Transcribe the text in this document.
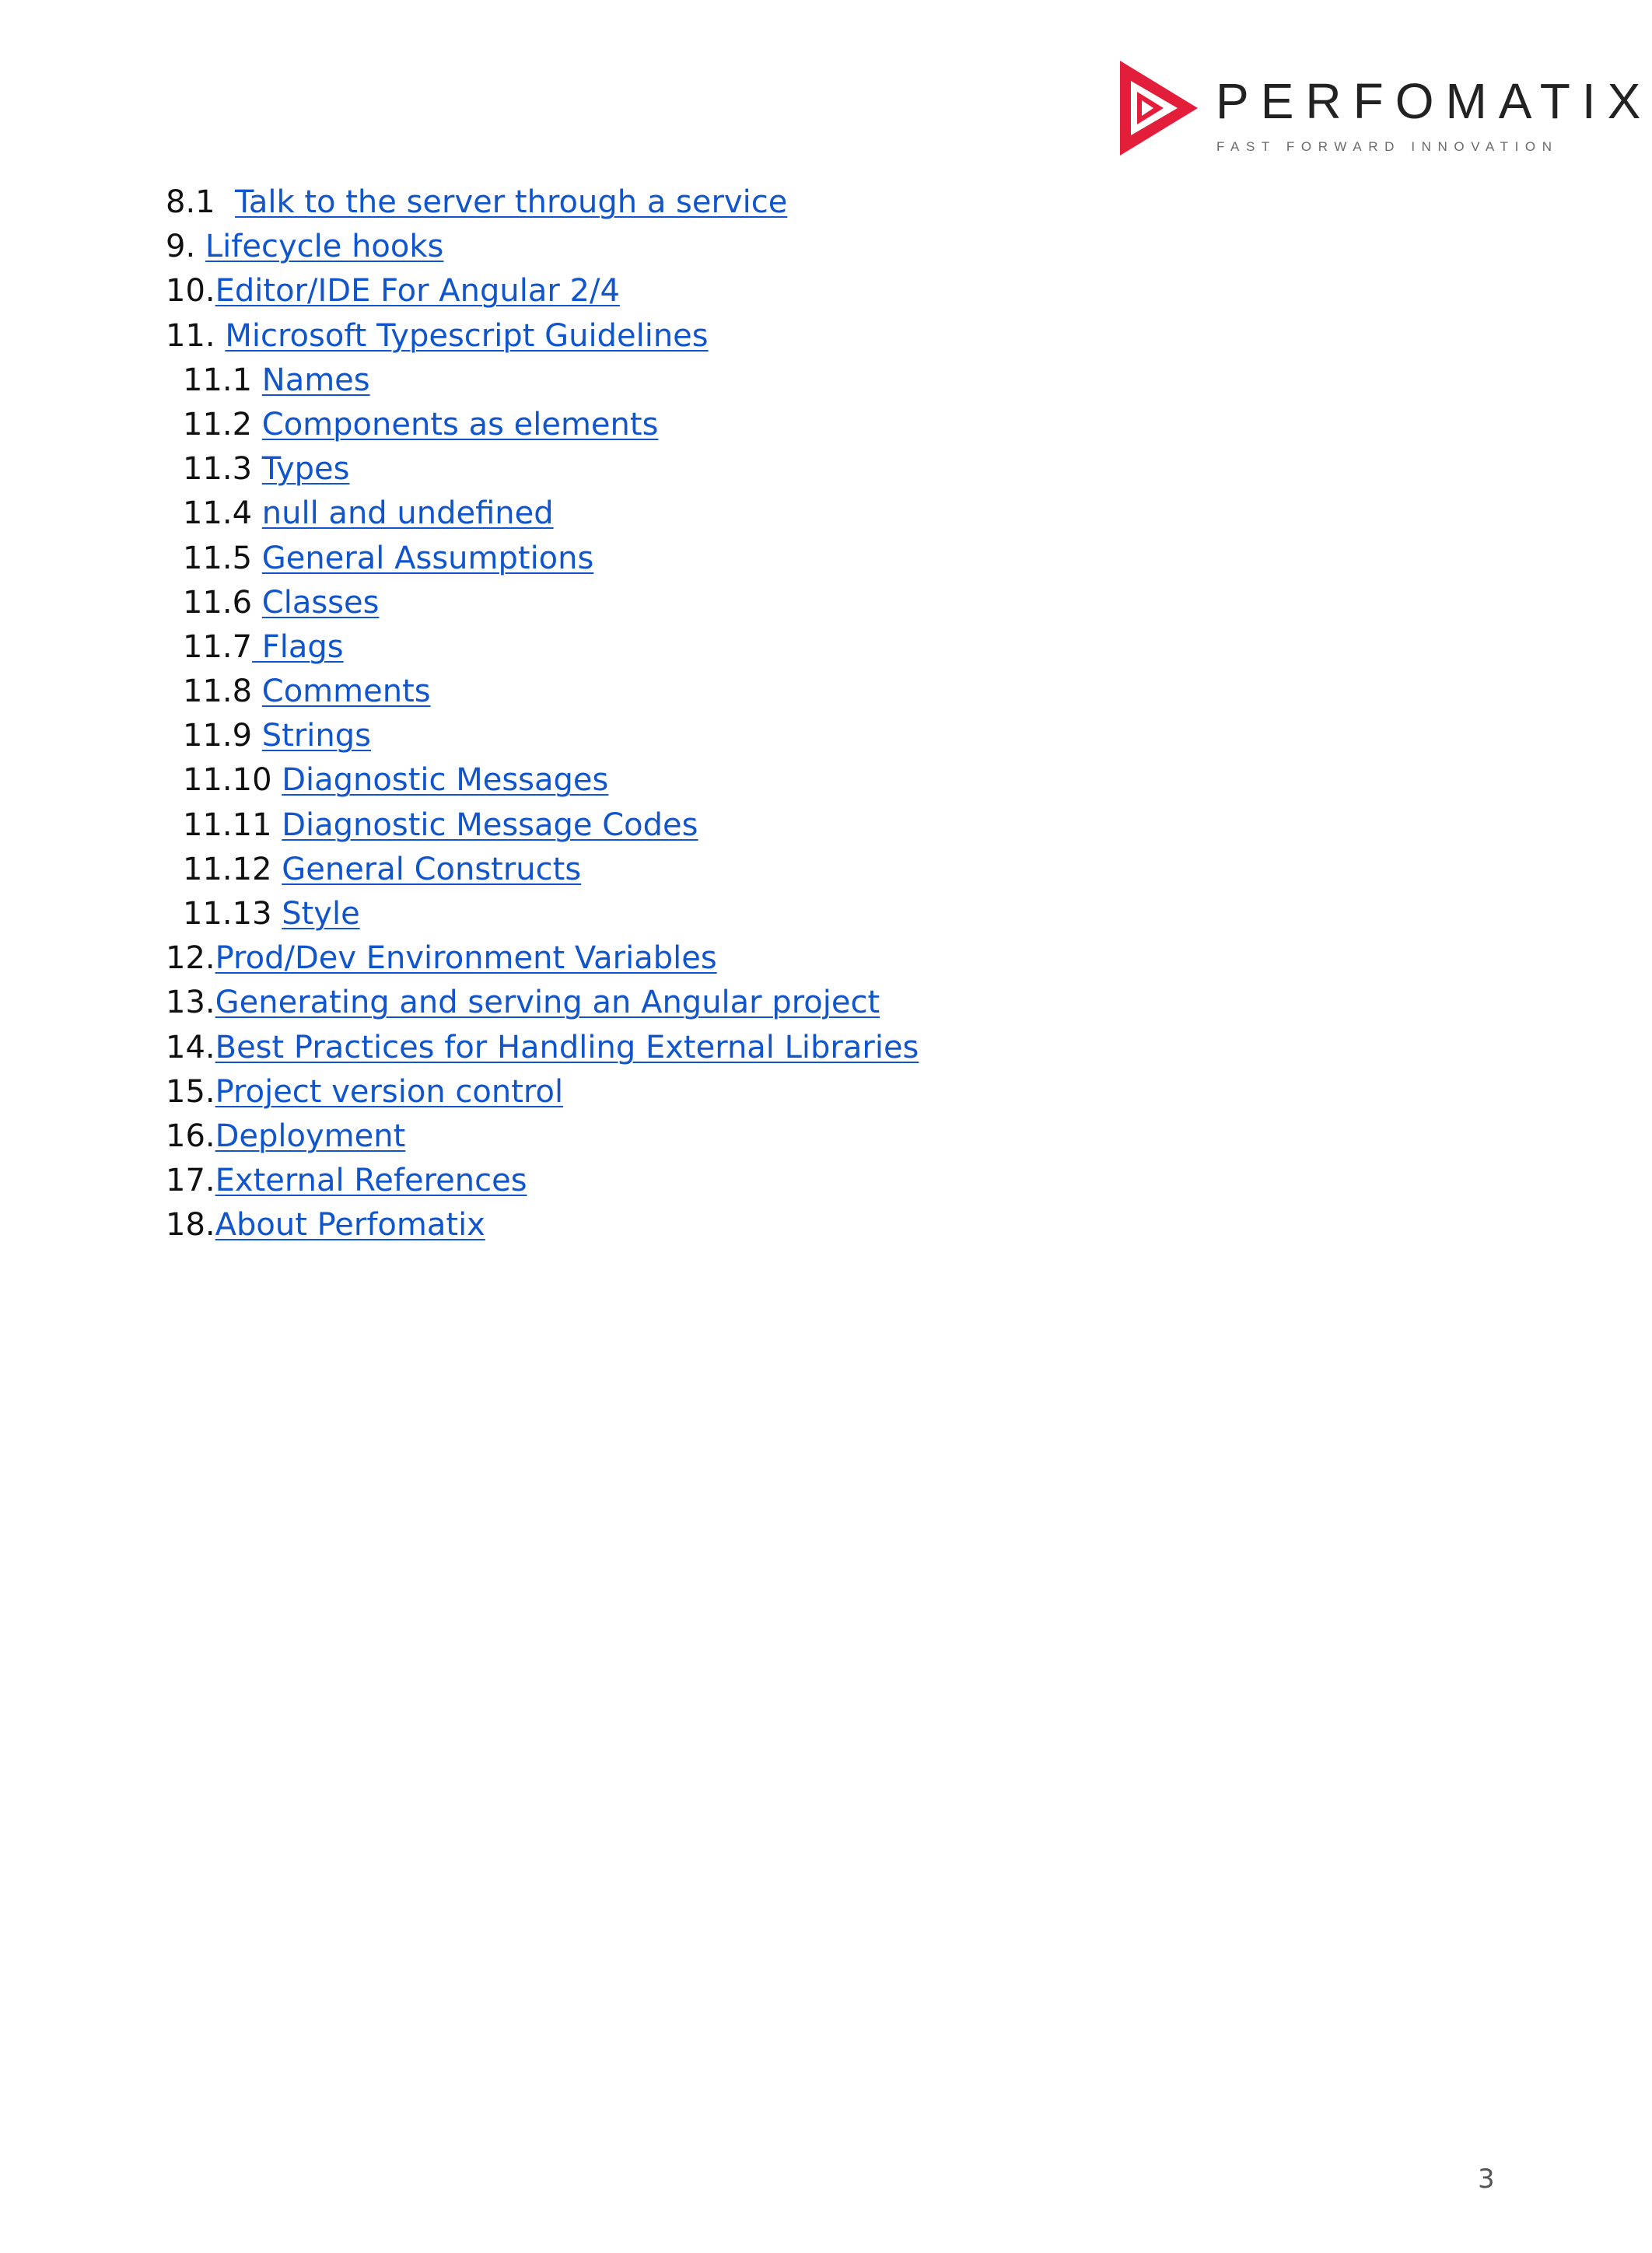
PERFOMATIX
FAST FORWARD INNOVATION
8.1  Talk to the server through a service
9. Lifecycle hooks
10.Editor/IDE For Angular 2/4
11. Microsoft Typescript Guidelines
11.1 Names
11.2 Components as elements
11.3 Types
11.4 null and undefined
11.5 General Assumptions
11.6 Classes
11.7 Flags
11.8 Comments
11.9 Strings
11.10 Diagnostic Messages
11.11 Diagnostic Message Codes
11.12 General Constructs
11.13 Style
12.Prod/Dev Environment Variables
13.Generating and serving an Angular project
14.Best Practices for Handling External Libraries
15.Project version control
16.Deployment
17.External References
18.About Perfomatix
3
